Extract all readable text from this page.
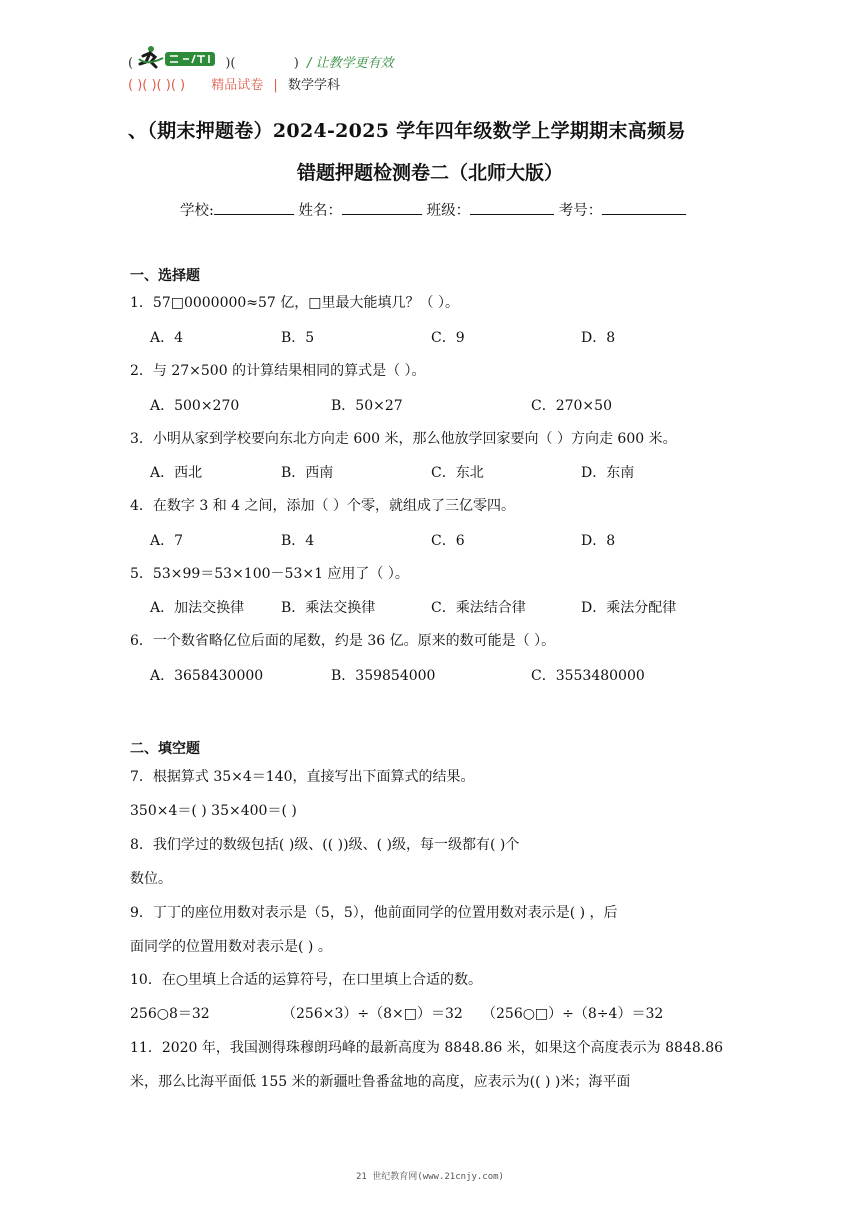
(	)(	) / 让教学更有效
( )( )( )( ) 精品试卷 | 数学学科
、（期末押题卷）2024-2025 学年四年级数学上学期期末高频易
错题押题检测卷二（北师大版）
学校:	姓名：	班级：	考号：
一、选择题
1．57□0000000≈57 亿，□里最大能填几？（ ）。
A．4	B．5	C．9	D．8
2．与 27×500 的计算结果相同的算式是（ ）。
A．500×270	B．50×27	C．270×50
3．小明从家到学校要向东北方向走 600 米，那么他放学回家要向（ ）方向走 600 米。
A．西北	B．西南	C．东北	D．东南
4．在数字 3 和 4 之间，添加（ ）个零，就组成了三亿零四。
A．7	B．4	C．6	D．8
5．53×99＝53×100－53×1 应用了（ ）。
A．加法交换律	B．乘法交换律	C．乘法结合律	D．乘法分配律
6．一个数省略亿位后面的尾数，约是 36 亿。原来的数可能是（ ）。
A．3658430000	B．359854000	C．3553480000
二、填空题
7．根据算式 35×4＝140，直接写出下面算式的结果。
350×4＝( ) 35×400＝( )
8．我们学过的数级包括( )级、(( ))级、( )级，每一级都有( )个
数位。
9．丁丁的座位用数对表示是（5，5），他前面同学的位置用数对表示是( ) ，后
面同学的位置用数对表示是( ) 。
10．在○里填上合适的运算符号，在口里填上合适的数。
256○8＝32	（256×3）÷（8×□）＝32 （256○□）÷（8÷4）＝32
11．2020 年，我国测得珠穆朗玛峰的最新高度为 8848.86 米，如果这个高度表示为 8848.86
米，那么比海平面低 155 米的新疆吐鲁番盆地的高度，应表示为(( ) )米；海平面
21 世纪教育网(www.21cnjy.com)
